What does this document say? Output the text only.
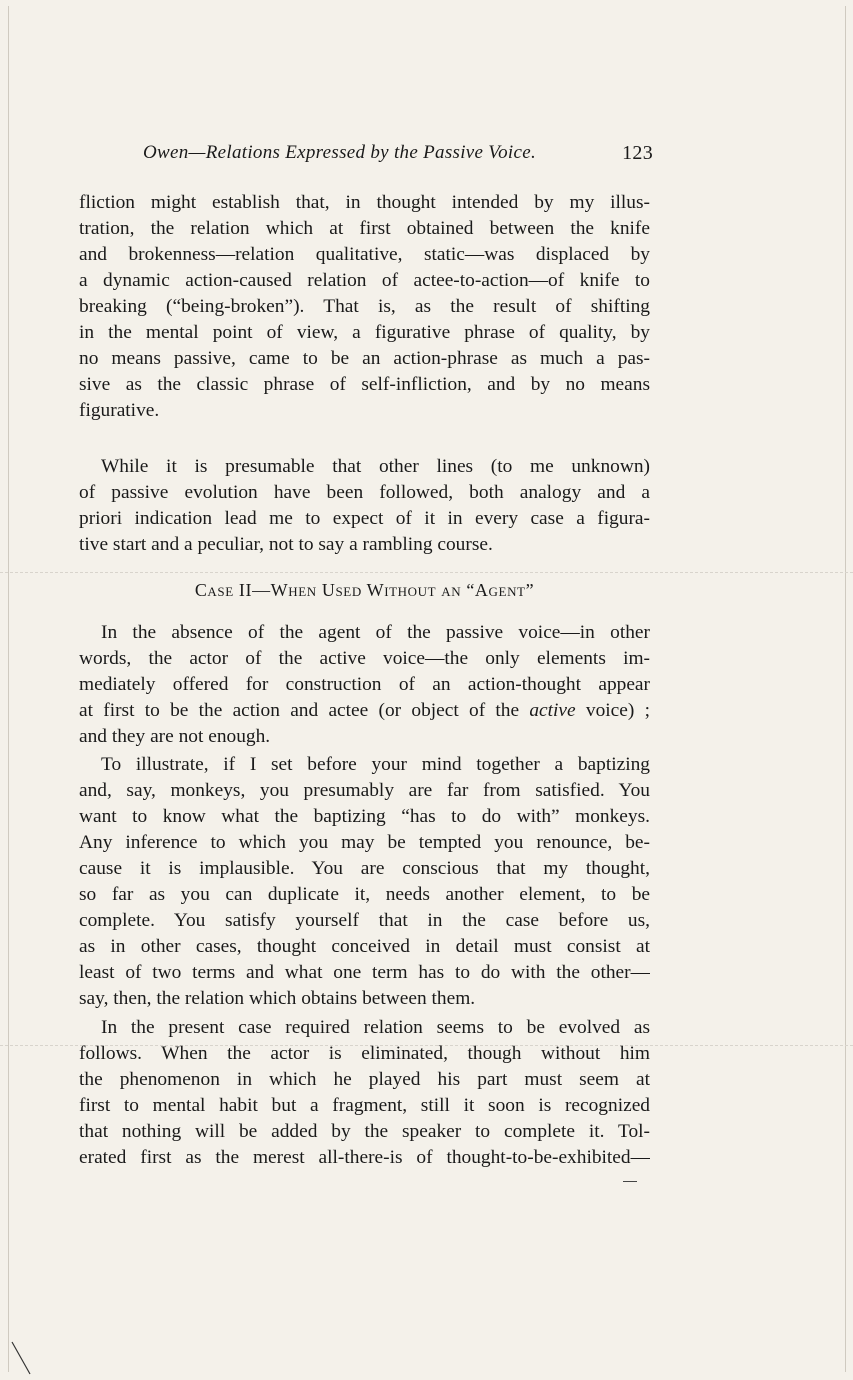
Owen—Relations Expressed by the Passive Voice.	123
fliction might establish that, in thought intended by my illus-
tration, the relation which at first obtained between the knife
and brokenness—relation qualitative, static—was displaced by
a dynamic action-caused relation of actee-to-action—of knife to
breaking (“being-broken”). That is, as the result of shifting
in the mental point of view, a figurative phrase of quality, by
no means passive, came to be an action-phrase as much a pas-
sive as the classic phrase of self-infliction, and by no means
figurative.
While it is presumable that other lines (to me unknown)
of passive evolution have been followed, both analogy and a
priori indication lead me to expect of it in every case a figura-
tive start and a peculiar, not to say a rambling course.
Case II—When Used Without an “Agent”
In the absence of the agent of the passive voice—in other
words, the actor of the active voice—the only elements im-
mediately offered for construction of an action-thought appear
at first to be the action and actee (or object of the active voice) ;
and they are not enough.
To illustrate, if I set before your mind together a baptizing
and, say, monkeys, you presumably are far from satisfied. You
want to know what the baptizing “has to do with” monkeys.
Any inference to which you may be tempted you renounce, be-
cause it is implausible. You are conscious that my thought,
so far as you can duplicate it, needs another element, to be
complete. You satisfy yourself that in the case before us,
as in other cases, thought conceived in detail must consist at
least of two terms and what one term has to do with the other—
say, then, the relation which obtains between them.
In the present case required relation seems to be evolved as
follows. When the actor is eliminated, though without him
the phenomenon in which he played his part must seem at
first to mental habit but a fragment, still it soon is recognized
that nothing will be added by the speaker to complete it. Tol-
erated first as the merest all-there-is of thought-to-be-exhibited—
